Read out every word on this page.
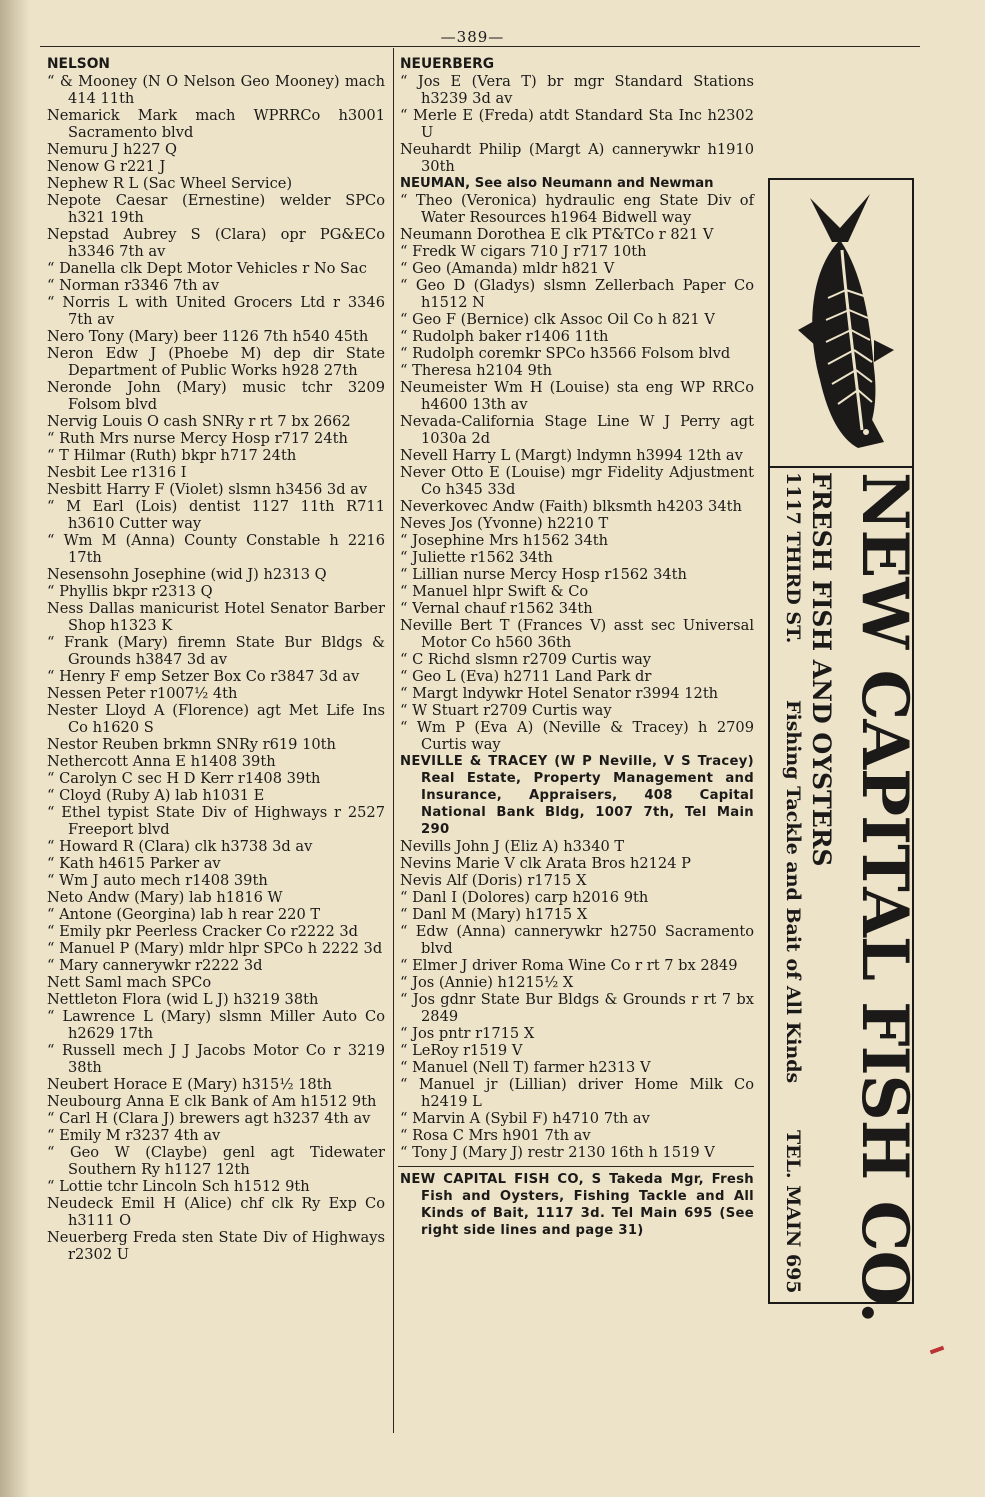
—389—

NELSON

“ & Mooney (N O Nelson Geo Mooney) mach 414 11th

Nemarick Mark mach WPRRCo h3001 Sacramento blvd

Nemuru J h227 Q

Nenow G r221 J

Nephew R L (Sac Wheel Service)

Nepote Caesar (Ernestine) welder SPCo h321 19th

Nepstad Aubrey S (Clara) opr PG&ECo h3346 7th av

“ Danella clk Dept Motor Vehicles r No Sac

“ Norman r3346 7th av

“ Norris L with United Grocers Ltd r 3346 7th av

Nero Tony (Mary) beer 1126 7th h540 45th

Neron Edw J (Phoebe M) dep dir State Department of Public Works h928 27th

Neronde John (Mary) music tchr 3209 Folsom blvd

Nervig Louis O cash SNRy r rt 7 bx 2662

“ Ruth Mrs nurse Mercy Hosp r717 24th

“ T Hilmar (Ruth) bkpr h717 24th

Nesbit Lee r1316 I

Nesbitt Harry F (Violet) slsmn h3456 3d av

“ M Earl (Lois) dentist 1127 11th R711 h3610 Cutter way

“ Wm M (Anna) County Constable h 2216 17th

Nesensohn Josephine (wid J) h2313 Q

“ Phyllis bkpr r2313 Q

Ness Dallas manicurist Hotel Senator Barber Shop h1323 K

“ Frank (Mary) firemn State Bur Bldgs & Grounds h3847 3d av

“ Henry F emp Setzer Box Co r3847 3d av

Nessen Peter r1007½ 4th

Nester Lloyd A (Florence) agt Met Life Ins Co h1620 S

Nestor Reuben brkmn SNRy r619 10th

Nethercott Anna E h1408 39th

“ Carolyn C sec H D Kerr r1408 39th

“ Cloyd (Ruby A) lab h1031 E

“ Ethel typist State Div of Highways r 2527 Freeport blvd

“ Howard R (Clara) clk h3738 3d av

“ Kath h4615 Parker av

“ Wm J auto mech r1408 39th

Neto Andw (Mary) lab h1816 W

“ Antone (Georgina) lab h rear 220 T

“ Emily pkr Peerless Cracker Co r2222 3d

“ Manuel P (Mary) mldr hlpr SPCo h 2222 3d

“ Mary cannerywkr r2222 3d

Nett Saml mach SPCo

Nettleton Flora (wid L J) h3219 38th

“ Lawrence L (Mary) slsmn Miller Auto Co h2629 17th

“ Russell mech J J Jacobs Motor Co r 3219 38th

Neubert Horace E (Mary) h315½ 18th

Neubourg Anna E clk Bank of Am h1512 9th

“ Carl H (Clara J) brewers agt h3237 4th av

“ Emily M r3237 4th av

“ Geo W (Claybe) genl agt Tidewater Southern Ry h1127 12th

“ Lottie tchr Lincoln Sch h1512 9th

Neudeck Emil H (Alice) chf clk Ry Exp Co h3111 O

Neuerberg Freda sten State Div of Highways r2302 U

NEUERBERG

“ Jos E (Vera T) br mgr Standard Stations h3239 3d av

“ Merle E (Freda) atdt Standard Sta Inc h2302 U

Neuhardt Philip (Margt A) cannerywkr h1910 30th

NEUMAN, See also Neumann and Newman

“ Theo (Veronica) hydraulic eng State Div of Water Resources h1964 Bidwell way

Neumann Dorothea E clk PT&TCo r 821 V

“ Fredk W cigars 710 J r717 10th

“ Geo (Amanda) mldr h821 V

“ Geo D (Gladys) slsmn Zellerbach Paper Co h1512 N

“ Geo F (Bernice) clk Assoc Oil Co h 821 V

“ Rudolph baker r1406 11th

“ Rudolph coremkr SPCo h3566 Folsom blvd

“ Theresa h2104 9th

Neumeister Wm H (Louise) sta eng WP RRCo h4600 13th av

Nevada-California Stage Line W J Perry agt 1030a 2d

Nevell Harry L (Margt) lndymn h3994 12th av

Never Otto E (Louise) mgr Fidelity Adjustment Co h345 33d

Neverkovec Andw (Faith) blksmth h4203 34th

Neves Jos (Yvonne) h2210 T

“ Josephine Mrs h1562 34th

“ Juliette r1562 34th

“ Lillian nurse Mercy Hosp r1562 34th

“ Manuel hlpr Swift & Co

“ Vernal chauf r1562 34th

Neville Bert T (Frances V) asst sec Universal Motor Co h560 36th

“ C Richd slsmn r2709 Curtis way

“ Geo L (Eva) h2711 Land Park dr

“ Margt lndywkr Hotel Senator r3994 12th

“ W Stuart r2709 Curtis way

“ Wm P (Eva A) (Neville & Tracey) h 2709 Curtis way

NEVILLE & TRACEY (W P Neville, V S Tracey) Real Estate, Property Management and Insurance, Appraisers, 408 Capital National Bank Bldg, 1007 7th, Tel Main 290

Nevills John J (Eliz A) h3340 T

Nevins Marie V clk Arata Bros h2124 P

Nevis Alf (Doris) r1715 X

“ Danl I (Dolores) carp h2016 9th

“ Danl M (Mary) h1715 X

“ Edw (Anna) cannerywkr h2750 Sacramento blvd

“ Elmer J driver Roma Wine Co r rt 7 bx 2849

“ Jos (Annie) h1215½ X

“ Jos gdnr State Bur Bldgs & Grounds r rt 7 bx 2849

“ Jos pntr r1715 X

“ LeRoy r1519 V

“ Manuel (Nell T) farmer h2313 V

“ Manuel jr (Lillian) driver Home Milk Co h2419 L

“ Marvin A (Sybil F) h4710 7th av

“ Rosa C Mrs h901 7th av

“ Tony J (Mary J) restr 2130 16th h 1519 V

NEW CAPITAL FISH CO, S Takeda Mgr, Fresh Fish and Oysters, Fishing Tackle and All Kinds of Bait, 1117 3d. Tel Main 695 (See right side lines and page 31)	NEW CAPITAL FISH CO.
FRESH FISH AND OYSTERS
1117 THIRD ST.
Fishing Tackle and Bait of All Kinds
TEL. MAIN 695
